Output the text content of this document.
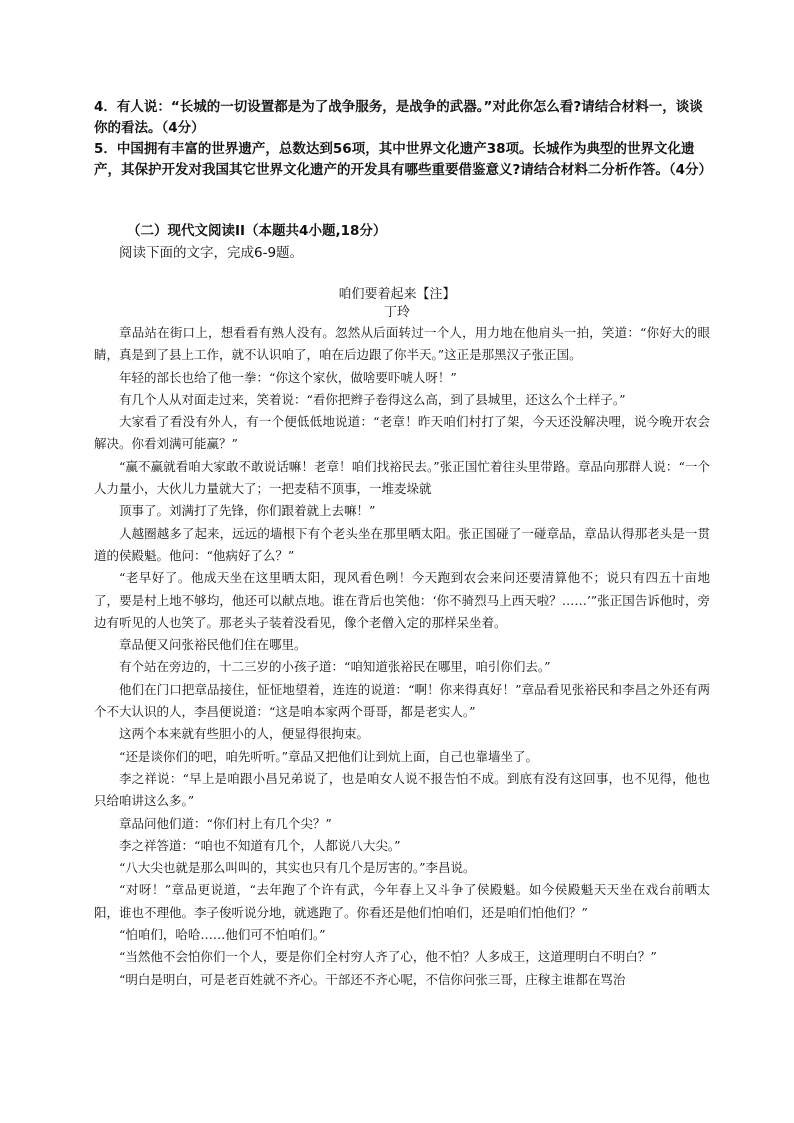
4．有人说：“长城的一切设置都是为了战争服务，是战争的武器。”对此你怎么看?请结合材料一，谈谈你的看法。（4分）

5．中国拥有丰富的世界遗产，总数达到56项，其中世界文化遗产38项。长城作为典型的世界文化遗产，其保护开发对我国其它世界文化遗产的开发具有哪些重要借鉴意义?请结合材料二分析作答。（4分）

（二）现代文阅读II（本题共4小题,18分）

阅读下面的文字，完成6-9题。

咱们要着起来【注】

丁玲

章品站在街口上，想看看有熟人没有。忽然从后面转过一个人，用力地在他肩头一拍，笑道：“你好大的眼睛，真是到了县上工作，就不认识咱了，咱在后边跟了你半天。”这正是那黑汉子张正国。

年轻的部长也给了他一拳：“你这个家伙，做啥要吓唬人呀！”

有几个人从对面走过来，笑着说：“看你把辫子卷得这么高，到了县城里，还这么个土样子。”

大家看了看没有外人，有一个便低低地说道：“老章！昨天咱们村打了架，今天还没解决哩，说今晚开农会解决。你看刘满可能赢？”

“赢不赢就看咱大家敢不敢说话嘛！老章！咱们找裕民去。”张正国忙着往头里带路。章品向那群人说：“一个人力量小，大伙儿力量就大了；一把麦秸不顶事，一堆麦垛就

顶事了。刘满打了先锋，你们跟着就上去嘛！”

人越圈越多了起来，远远的墙根下有个老头坐在那里晒太阳。张正国碰了一碰章品，章品认得那老头是一贯道的侯殿魁。他问：“他病好了么？”

“老早好了。他成天坐在这里晒太阳，现风看色咧！今天跑到农会来问还要清算他不；说只有四五十亩地了，要是村上地不够均，他还可以献点地。谁在背后也笑他：‘你不骑烈马上西天啦？……’”张正国告诉他时，旁边有听见的人也笑了。那老头子装着没看见，像个老僧入定的那样呆坐着。

章品便又问张裕民他们住在哪里。

有个站在旁边的，十二三岁的小孩子道：“咱知道张裕民在哪里，咱引你们去。”

他们在门口把章品接住，怔怔地望着，连连的说道：“啊！你来得真好！”章品看见张裕民和李昌之外还有两个不大认识的人，李昌便说道：“这是咱本家两个哥哥，都是老实人。”

这两个本来就有些胆小的人，便显得很拘束。

“还是谈你们的吧，咱先听听。”章品又把他们让到炕上面，自己也靠墙坐了。

李之祥说：“早上是咱跟小昌兄弟说了，也是咱女人说不报告怕不成。到底有没有这回事，也不见得，他也只给咱讲这么多。”

章品问他们道：“你们村上有几个尖？”

李之祥答道：“咱也不知道有几个，人都说八大尖。”

“八大尖也就是那么叫叫的，其实也只有几个是厉害的。”李昌说。

“对呀！”章品更说道，“去年跑了个许有武，今年春上又斗争了侯殿魁。如今侯殿魁天天坐在戏台前晒太阳，谁也不理他。李子俊听说分地，就逃跑了。你看还是他们怕咱们，还是咱们怕他们？”

“怕咱们，哈哈……他们可不怕咱们。”

“当然他不会怕你们一个人，要是你们全村穷人齐了心，他不怕？人多成王，这道理明白不明白？”

“明白是明白，可是老百姓就不齐心。干部还不齐心呢，不信你问张三哥，庄稼主谁都在骂治
